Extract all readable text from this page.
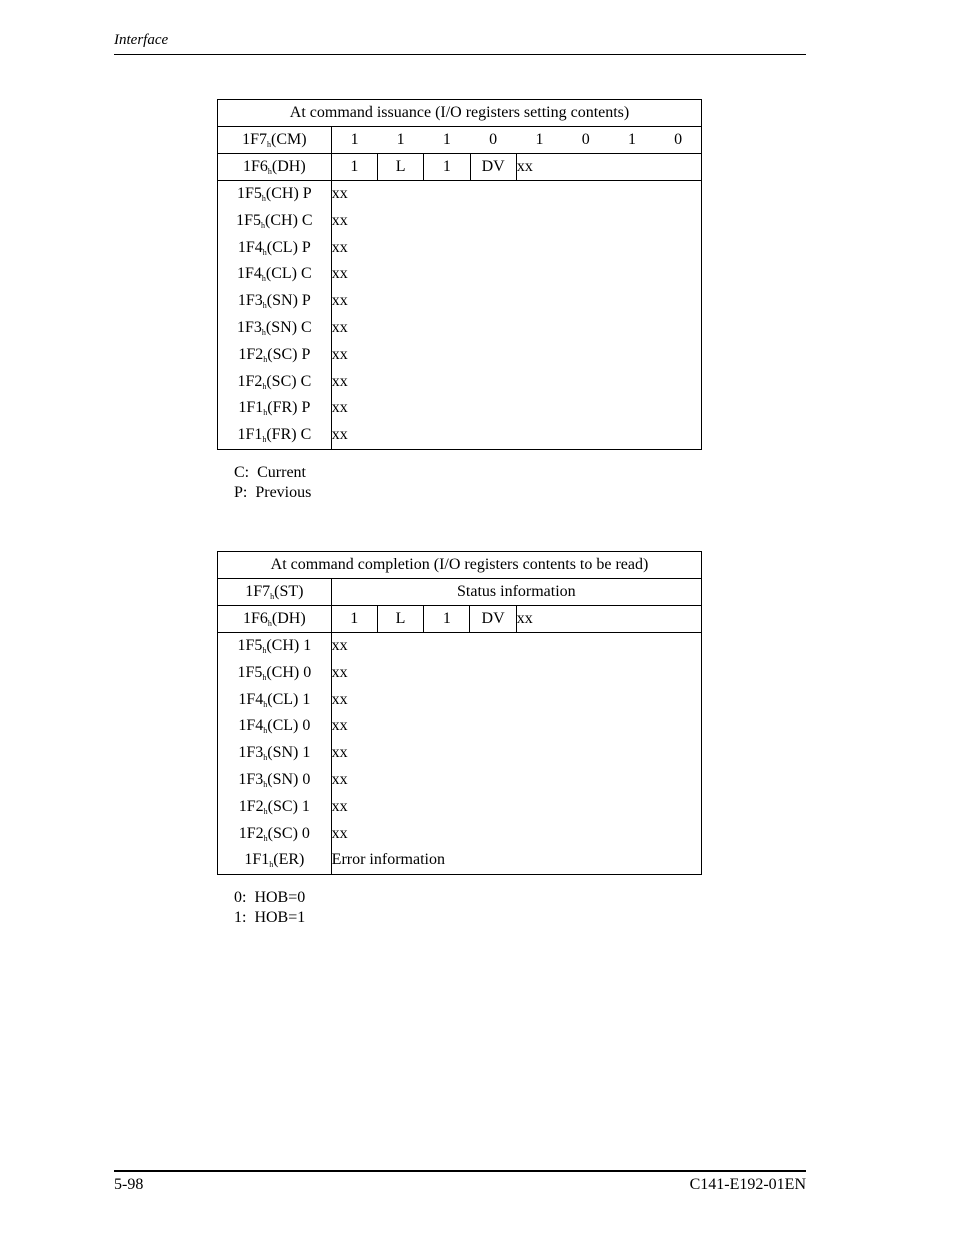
Interface
At command issuance (I/O registers setting contents)								
$1F7_h(CM)$	1	1	1	0	1	0	1	0
$1F6_h(DH)$	1	L	1	DV	xx			
$1F5_h(CH)$ P	xx							
$1F5_h(CH)$ C	xx							
$1F4_h(CL)$ P	xx							
$1F4_h(CL)$ C	xx							
$1F3_h(SN)$ P	xx							
$1F3_h(SN)$ C	xx							
$1F2_h(SC)$ P	xx							
$1F2_h(SC)$ C	xx							
$1F1_h(FR)$ P	xx							
$1F1_h(FR)$ C	xx							
At command completion (I/O registers contents to be read)					
$1F7_h(ST)$	Status information				
$1F6_h(DH)$	1	L	1	DV	xx
$1F5_h(CH)$ 1	xx				
$1F5_h(CH)$ 0	xx				
$1F4_h(CL)$ 1	xx				
$1F4_h(CL)$ 0	xx				
$1F3_h(SN)$ 1	xx				
$1F3_h(SN)$ 0	xx				
$1F2_h(SC)$ 1	xx				
$1F2_h(SC)$ 0	xx				
$1F1_h(ER)$	Error information				
C:  Current
P:  Previous
0:  HOB=0
1:  HOB=1
5-98	C141-E192-01EN
